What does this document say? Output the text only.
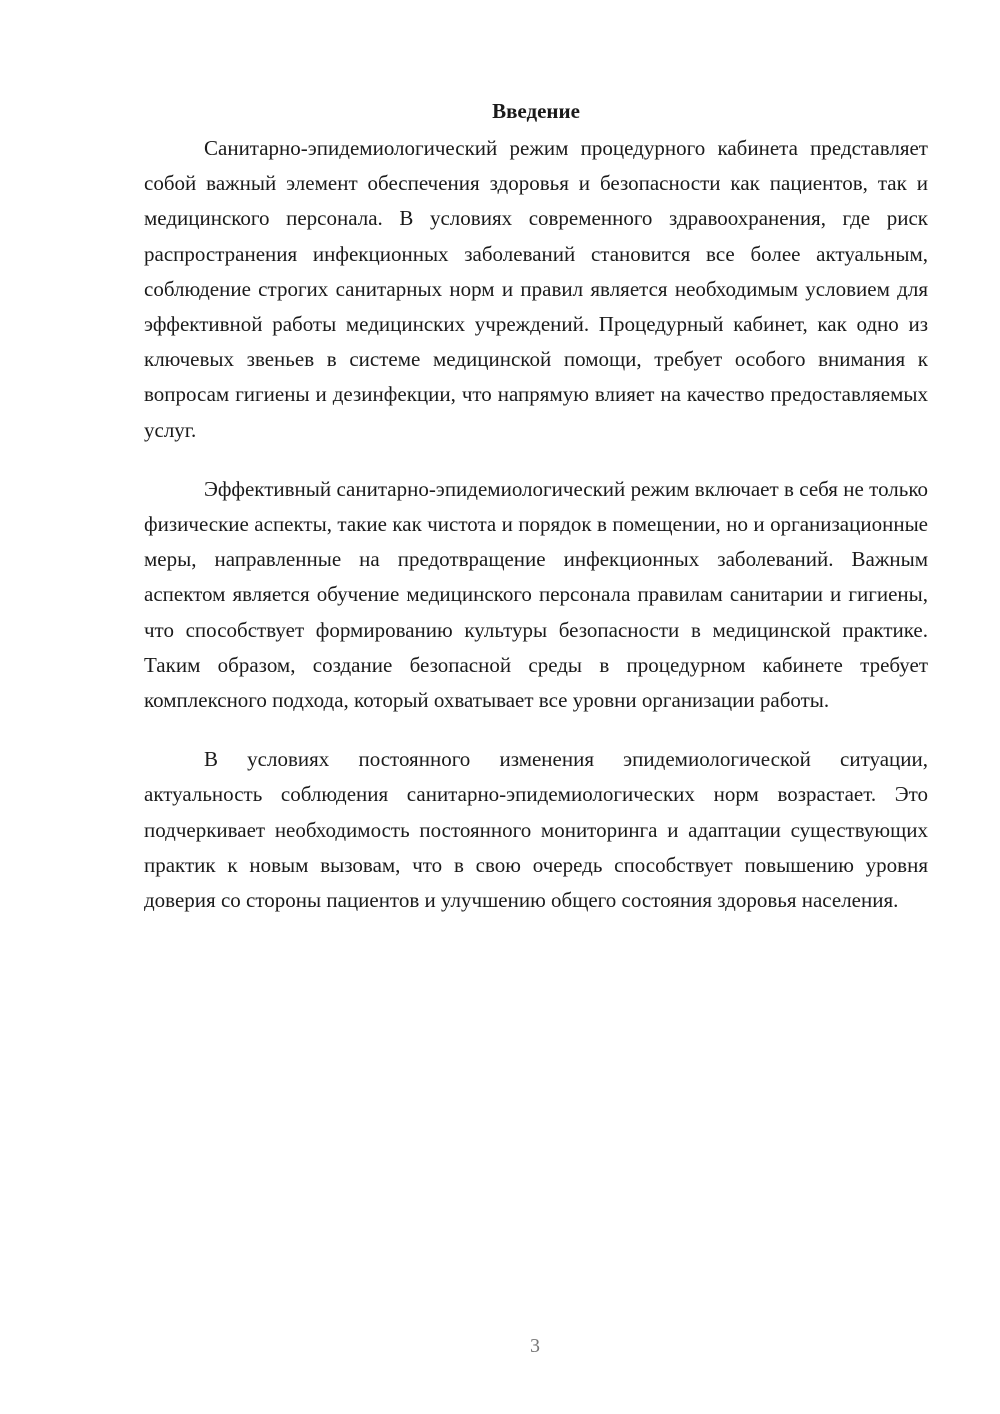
Введение

Санитарно-эпидемиологический режим процедурного кабинета представляет собой важный элемент обеспечения здоровья и безопасности как пациентов, так и медицинского персонала. В условиях современного здравоохранения, где риск распространения инфекционных заболеваний становится все более актуальным, соблюдение строгих санитарных норм и правил является необходимым условием для эффективной работы медицинских учреждений. Процедурный кабинет, как одно из ключевых звеньев в системе медицинской помощи, требует особого внимания к вопросам гигиены и дезинфекции, что напрямую влияет на качество предоставляемых услуг.

Эффективный санитарно-эпидемиологический режим включает в себя не только физические аспекты, такие как чистота и порядок в помещении, но и организационные меры, направленные на предотвращение инфекционных заболеваний. Важным аспектом является обучение медицинского персонала правилам санитарии и гигиены, что способствует формированию культуры безопасности в медицинской практике. Таким образом, создание безопасной среды в процедурном кабинете требует комплексного подхода, который охватывает все уровни организации работы.

В условиях постоянного изменения эпидемиологической ситуации, актуальность соблюдения санитарно-эпидемиологических норм возрастает. Это подчеркивает необходимость постоянного мониторинга и адаптации существующих практик к новым вызовам, что в свою очередь способствует повышению уровня доверия со стороны пациентов и улучшению общего состояния здоровья населения.

3
